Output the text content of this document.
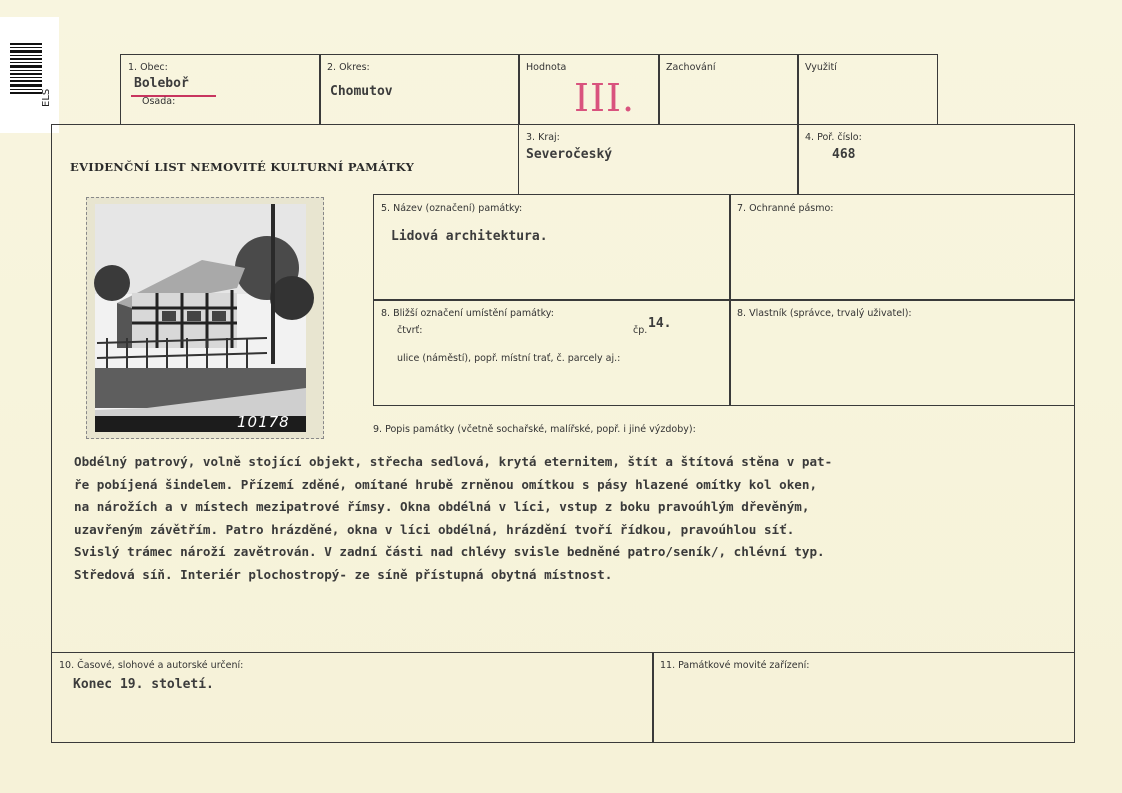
ELS
1. Obec:
Boleboř
Osada:
2. Okres:
Chomutov
Hodnota
III.
Zachování	Využití
EVIDENČNÍ LIST NEMOVITÉ KULTURNÍ PAMÁTKY
3. Kraj:
Severočeský
4. Poř. číslo:
468
5. Název (označení) památky:
Lidová architektura.
7. Ochranné pásmo:
8. Bližší označení umístění památky:
čtvrť:	čp. 14.
ulice (náměstí), popř. místní trať, č. parcely aj.:
8. Vlastník (správce, trvalý uživatel):
10178	9. Popis památky (včetně sochařské, malířské, popř. i jiné výzdoby):
Obdélný patrový, volně stojící objekt, střecha sedlová, krytá eternitem, štít a štítová stěna v pat-
ře pobíjená šindelem. Přízemí zděné, omítané hrubě zrněnou omítkou s pásy hlazené omítky kol oken,
na nárožích a v místech mezipatrové římsy. Okna obdélná v líci, vstup z boku pravoúhlým dřevěným,
uzavřeným závětřím. Patro hrázděné, okna v líci obdélná, hrázdění tvoří řídkou, pravoúhlou síť.
Svislý trámec nároží zavětrován. V zadní části nad chlévy svisle bedněné patro/seník/, chlévní typ.
Středová síň. Interiér plochostropý- ze síně přístupná obytná místnost.
10. Časové, slohové a autorské určení:
Konec 19. století.
11. Památkové movité zařízení:
